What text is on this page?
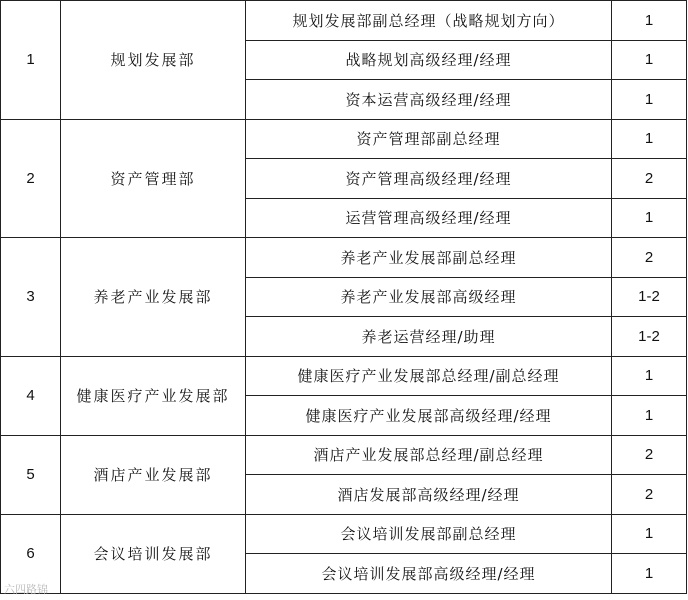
1	规划发展部	规划发展部副总经理（战略规划方向）	1
		战略规划高级经理/经理	1
		资本运营高级经理/经理	1
2	资产管理部	资产管理部副总经理	1
		资产管理高级经理/经理	2
		运营管理高级经理/经理	1
3	养老产业发展部	养老产业发展部副总经理	2
		养老产业发展部高级经理	1-2
		养老运营经理/助理	1-2
4	健康医疗产业发展部	健康医疗产业发展部总经理/副总经理	1
		健康医疗产业发展部高级经理/经理	1
5	酒店产业发展部	酒店产业发展部总经理/副总经理	2
		酒店发展部高级经理/经理	2
6	会议培训发展部	会议培训发展部副总经理	1
		会议培训发展部高级经理/经理	1
六四路锦
